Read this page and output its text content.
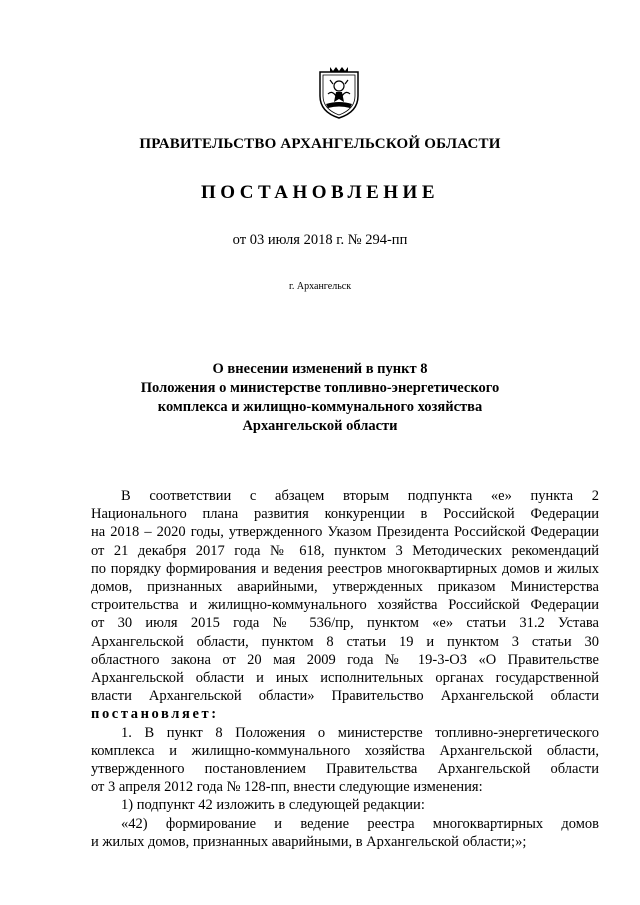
ПРАВИТЕЛЬСТВО АРХАНГЕЛЬСКОЙ ОБЛАСТИ

ПОСТАНОВЛЕНИЕ

от 03 июля 2018 г. № 294-пп

г. Архангельск

О внесении изменений в пункт 8
Положения о министерстве топливно-энергетического
комплекса и жилищно-коммунального хозяйства
Архангельской области

В соответствии с абзацем вторым подпункта «е» пункта 2
Национального плана развития конкуренции в Российской Федерации
на 2018 – 2020 годы, утвержденного Указом Президента Российской Федерации
от 21 декабря 2017 года № 618, пунктом 3 Методических рекомендаций
по порядку формирования и ведения реестров многоквартирных домов и жилых
домов, признанных аварийными, утвержденных приказом Министерства
строительства и жилищно-коммунального хозяйства Российской Федерации
от 30 июля 2015 года № 536/пр, пунктом «е» статьи 31.2 Устава
Архангельской области, пунктом 8 статьи 19 и пунктом 3 статьи 30
областного закона от 20 мая 2009 года № 19-3-ОЗ «О Правительстве
Архангельской области и иных исполнительных органах государственной
власти Архангельской области» Правительство Архангельской области
постановляет:
1. В пункт 8 Положения о министерстве топливно-энергетического
комплекса и жилищно-коммунального хозяйства Архангельской области,
утвержденного постановлением Правительства Архангельской области
от 3 апреля 2012 года № 128-пп, внести следующие изменения:
1) подпункт 42 изложить в следующей редакции:
«42) формирование и ведение реестра многоквартирных домов
и жилых домов, признанных аварийными, в Архангельской области;»;
